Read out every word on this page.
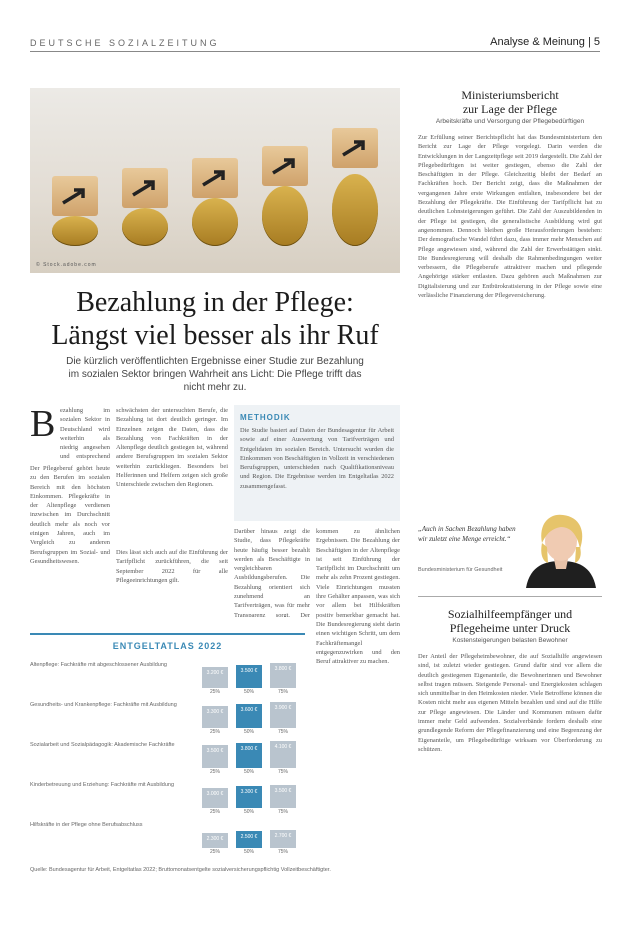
DEUTSCHE SOZIALZEITUNG	Analyse & Meinung | 5
© Stock.adobe.com
Bezahlung in der Pflege:
Längst viel besser als ihr Ruf
Die kürzlich veröffentlichten Ergebnisse einer Studie zur Bezahlung im sozialen Sektor bringen Wahrheit ans Licht: Die Pflege trifft das nicht mehr zu.
B ezahlung im sozialen Sektor in Deutschland wird weiterhin als niedrig angesehen und entsprechend
Der Pflegeberuf gehört heute zu den Berufen im sozialen Bereich mit den höchsten Einkommen. Pflegekräfte in der Altenpflege verdienen inzwischen im Durchschnitt deutlich mehr als noch vor einigen Jahren, auch im Vergleich zu anderen Berufsgruppen im Sozial- und Gesundheitswesen.
schwächsten der untersuchten Berufe, die Bezahlung ist dort deutlich geringer. Im Einzelnen zeigen die Daten, dass die Bezahlung von Fachkräften in der Altenpflege deutlich gestiegen ist, während andere Berufsgruppen im sozialen Sektor weiterhin zurückliegen. Besonders bei Helferinnen und Helfern zeigen sich große Unterschiede zwischen den Regionen.
Dies lässt sich auch auf die Einführung der Tarifpflicht zurückführen, die seit September 2022 für alle Pflegeeinrichtungen gilt.
METHODIK
Die Studie basiert auf Daten der Bundesagentur für Arbeit sowie auf einer Auswertung von Tarifverträgen und Entgeltdaten im sozialen Bereich. Untersucht wurden die Einkommen von Beschäftigten in Vollzeit in verschiedenen Berufsgruppen, unterschieden nach Qualifikationsniveau und Region. Die Ergebnisse werden im Entgeltatlas 2022 zusammengefasst.
Darüber hinaus zeigt die Studie, dass Pflegekräfte heute häufig besser bezahlt werden als Beschäftigte in vergleichbaren Ausbildungsberufen. Die Bezahlung orientiert sich zunehmend an Tarifverträgen, was für mehr Transparenz sorgt. Der
kommen zu ähnlichen Ergebnissen. Die Bezahlung der Beschäftigten in der Altenpflege ist seit Einführung der Tarifpflicht im Durchschnitt um mehr als zehn Prozent gestiegen. Viele Einrichtungen mussten ihre Gehälter anpassen, was sich vor allem bei Hilfskräften positiv bemerkbar gemacht hat. Die Bundesregierung sieht darin einen wichtigen Schritt, um dem Fachkräftemangel entgegenzuwirken und den Beruf attraktiver zu machen.
ENTGELTATLAS 2022
Altenpflege: Fachkräfte mit abgeschlossener Ausbildung
3.200 €
25%
3.500 €
50%
3.800 €
75%
Gesundheits- und Krankenpflege: Fachkräfte mit Ausbildung
3.300 €
25%
3.600 €
50%
3.900 €
75%
Sozialarbeit und Sozialpädagogik: Akademische Fachkräfte
3.500 €
25%
3.800 €
50%
4.100 €
75%
Kinderbetreuung und Erziehung: Fachkräfte mit Ausbildung
3.000 €
25%
3.300 €
50%
3.500 €
75%
Hilfskräfte in der Pflege ohne Berufsabschluss
2.300 €
25%
2.500 €
50%
2.700 €
75%
Quelle: Bundesagentur für Arbeit, Entgeltatlas 2022; Bruttomonatsentgelte sozialversicherungspflichtig Vollzeitbeschäftigter.
Ministeriumsbericht
zur Lage der Pflege
Arbeitskräfte und Versorgung der Pflegebedürftigen
Zur Erfüllung seiner Berichtspflicht hat das Bundesministerium den Bericht zur Lage der Pflege vorgelegt. Darin werden die Entwicklungen in der Langzeitpflege seit 2019 dargestellt. Die Zahl der Pflegebedürftigen ist weiter gestiegen, ebenso die Zahl der Beschäftigten in der Pflege. Gleichzeitig bleibt der Bedarf an Fachkräften hoch. Der Bericht zeigt, dass die Maßnahmen der vergangenen Jahre erste Wirkungen entfalten, insbesondere bei der Bezahlung der Pflegekräfte. Die Einführung der Tarifpflicht hat zu deutlichen Lohnsteigerungen geführt. Die Zahl der Auszubildenden in der Pflege ist gestiegen, die generalistische Ausbildung wird gut angenommen. Dennoch bleiben große Herausforderungen bestehen: Der demografische Wandel führt dazu, dass immer mehr Menschen auf Pflege angewiesen sind, während die Zahl der Erwerbstätigen sinkt. Die Bundesregierung will deshalb die Rahmenbedingungen weiter verbessern, die Pflegeberufe attraktiver machen und pflegende Angehörige stärker entlasten. Dazu gehören auch Maßnahmen zur Digitalisierung und zur Entbürokratisierung in der Pflege sowie eine verlässliche Finanzierung der Pflegeversicherung.
„Auch in Sachen Bezahlung haben wir zuletzt eine Menge erreicht.“
Bundesministerium für Gesundheit
Sozialhilfeempfänger und
Pflegeheime unter Druck
Kostensteigerungen belasten Bewohner
Der Anteil der Pflegeheimbewohner, die auf Sozialhilfe angewiesen sind, ist zuletzt wieder gestiegen. Grund dafür sind vor allem die deutlich gestiegenen Eigenanteile, die Bewohnerinnen und Bewohner selbst tragen müssen. Steigende Personal- und Energiekosten schlagen sich unmittelbar in den Heimkosten nieder. Viele Betroffene können die Kosten nicht mehr aus eigenen Mitteln bezahlen und sind auf die Hilfe zur Pflege angewiesen. Die Länder und Kommunen müssen dafür immer mehr Geld aufwenden. Sozialverbände fordern deshalb eine grundlegende Reform der Pflegefinanzierung und eine Begrenzung der Eigenanteile, um Pflegebedürftige wirksam vor Überforderung zu schützen.
